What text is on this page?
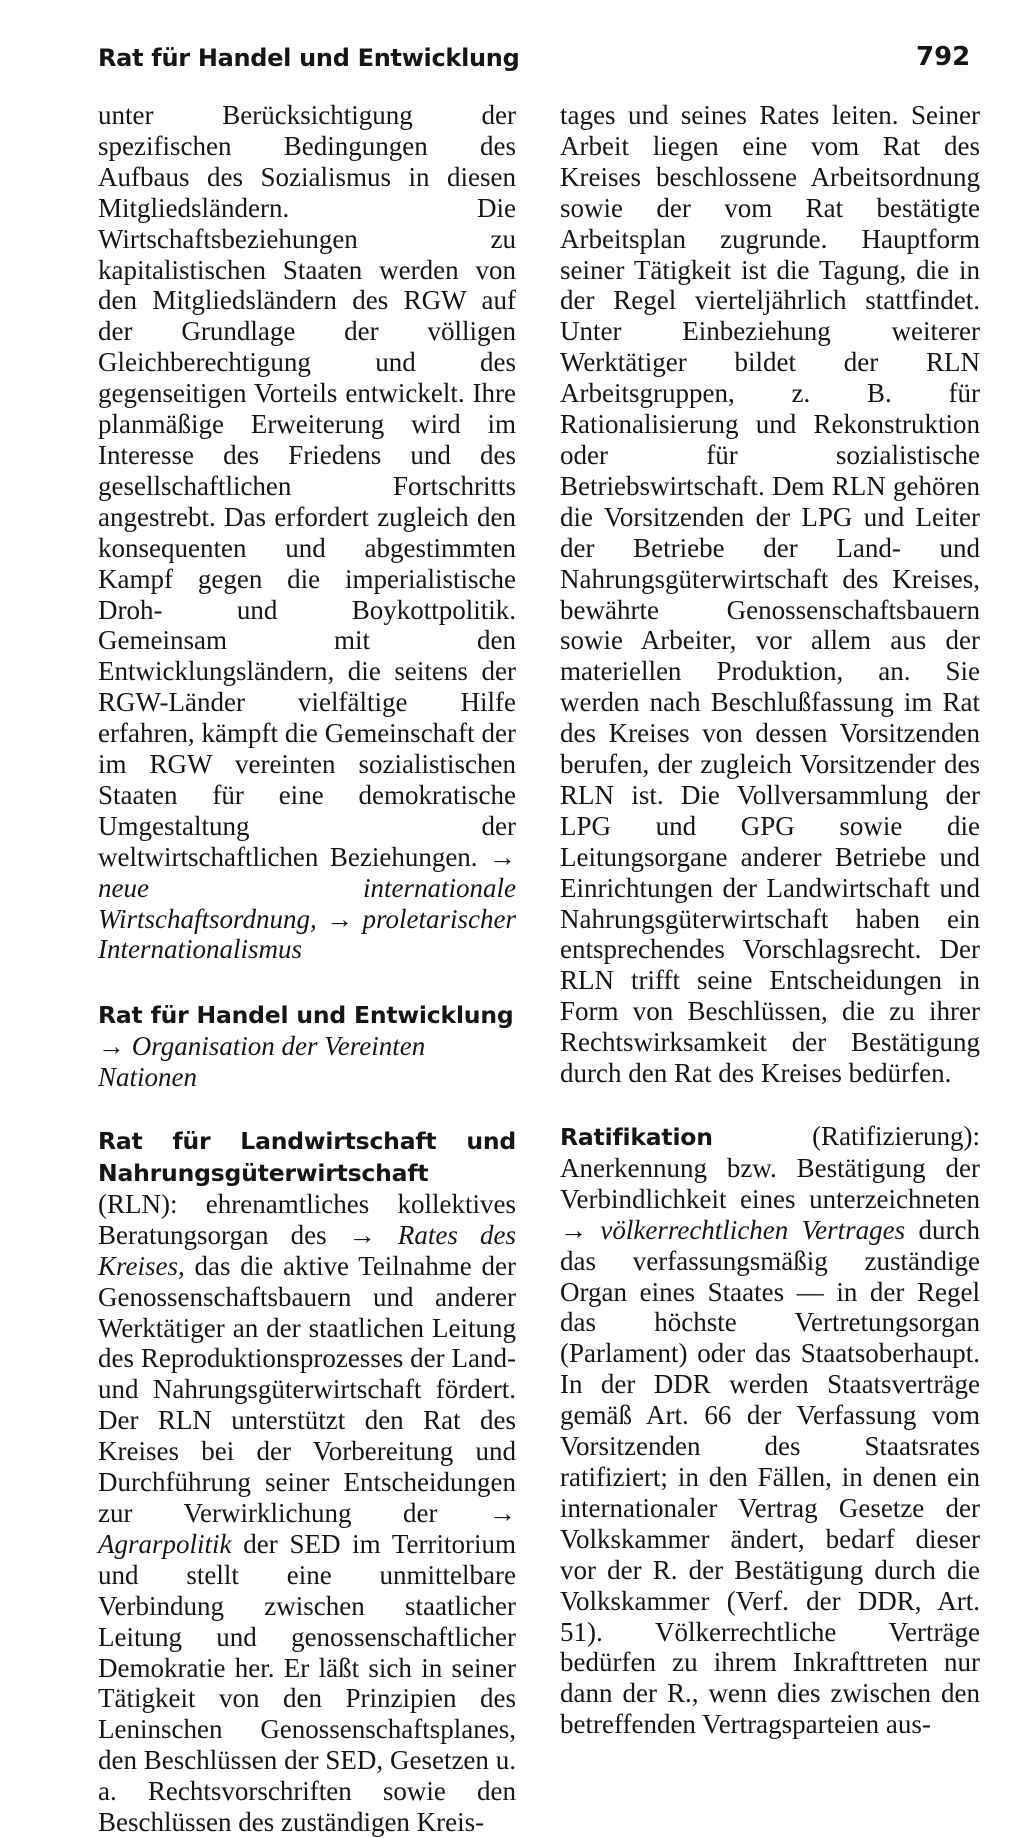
Rat für Handel und Entwicklung	792

unter Berücksichtigung der spezifischen Bedingungen des Aufbaus des Sozialismus in diesen Mitgliedsländern. Die Wirtschaftsbeziehungen zu kapitalistischen Staaten werden von den Mitgliedsländern des RGW auf der Grundlage der völligen Gleichberechtigung und des gegenseitigen Vorteils entwickelt. Ihre planmäßige Erweiterung wird im Interesse des Friedens und des gesellschaftlichen Fortschritts angestrebt. Das erfordert zugleich den konsequenten und abgestimmten Kampf gegen die imperialistische Droh- und Boykottpolitik. Gemeinsam mit den Entwicklungsländern, die seitens der RGW-Länder vielfältige Hilfe erfahren, kämpft die Gemeinschaft der im RGW vereinten sozialistischen Staaten für eine demokratische Umgestaltung der weltwirtschaftlichen Beziehungen. → neue internationale Wirtschaftsordnung, → proletarischer Internationalismus

Rat für Handel und Entwicklung → Organisation der Vereinten Nationen

Rat für Landwirtschaft und Nahrungsgüterwirtschaft
(RLN): ehrenamtliches kollektives Beratungsorgan des → Rates des Kreises, das die aktive Teilnahme der Genossenschaftsbauern und anderer Werktätiger an der staatlichen Leitung des Reproduktionsprozesses der Land- und Nahrungsgüterwirtschaft fördert. Der RLN unterstützt den Rat des Kreises bei der Vorbereitung und Durchführung seiner Entscheidungen zur Verwirklichung der → Agrarpolitik der SED im Territorium und stellt eine unmittelbare Verbindung zwischen staatlicher Leitung und genossenschaftlicher Demokratie her. Er läßt sich in seiner Tätigkeit von den Prinzipien des Leninschen Genossenschaftsplanes, den Beschlüssen der SED, Gesetzen u. a. Rechtsvorschriften sowie den Beschlüssen des zuständigen Kreis-

tages und seines Rates leiten. Seiner Arbeit liegen eine vom Rat des Kreises beschlossene Arbeitsordnung sowie der vom Rat bestätigte Arbeitsplan zugrunde. Hauptform seiner Tätigkeit ist die Tagung, die in der Regel vierteljährlich stattfindet. Unter Einbeziehung weiterer Werktätiger bildet der RLN Arbeitsgruppen, z. B. für Rationalisierung und Rekonstruktion oder für sozialistische Betriebswirtschaft. Dem RLN gehören die Vorsitzenden der LPG und Leiter der Betriebe der Land- und Nahrungsgüterwirtschaft des Kreises, bewährte Genossenschaftsbauern sowie Arbeiter, vor allem aus der materiellen Produktion, an. Sie werden nach Beschlußfassung im Rat des Kreises von dessen Vorsitzenden berufen, der zugleich Vorsitzender des RLN ist. Die Vollversammlung der LPG und GPG sowie die Leitungsorgane anderer Betriebe und Einrichtungen der Landwirtschaft und Nahrungsgüterwirtschaft haben ein entsprechendes Vorschlagsrecht. Der RLN trifft seine Entscheidungen in Form von Beschlüssen, die zu ihrer Rechtswirksamkeit der Bestätigung durch den Rat des Kreises bedürfen.

Ratifikation	(Ratifizierung): Anerkennung bzw. Bestätigung der Verbindlichkeit eines unterzeichneten → völkerrechtlichen Vertrages durch das verfassungsmäßig zuständige Organ eines Staates — in der Regel das höchste Vertretungsorgan (Parlament) oder das Staatsoberhaupt. In der DDR werden Staatsverträge gemäß Art. 66 der Verfassung vom Vorsitzenden des Staatsrates ratifiziert; in den Fällen, in denen ein internationaler Vertrag Gesetze der Volkskammer ändert, bedarf dieser vor der R. der Bestätigung durch die Volkskammer (Verf. der DDR, Art. 51). Völkerrechtliche Verträge bedürfen zu ihrem Inkrafttreten nur dann der R., wenn dies zwischen den betreffenden Vertragsparteien aus-
